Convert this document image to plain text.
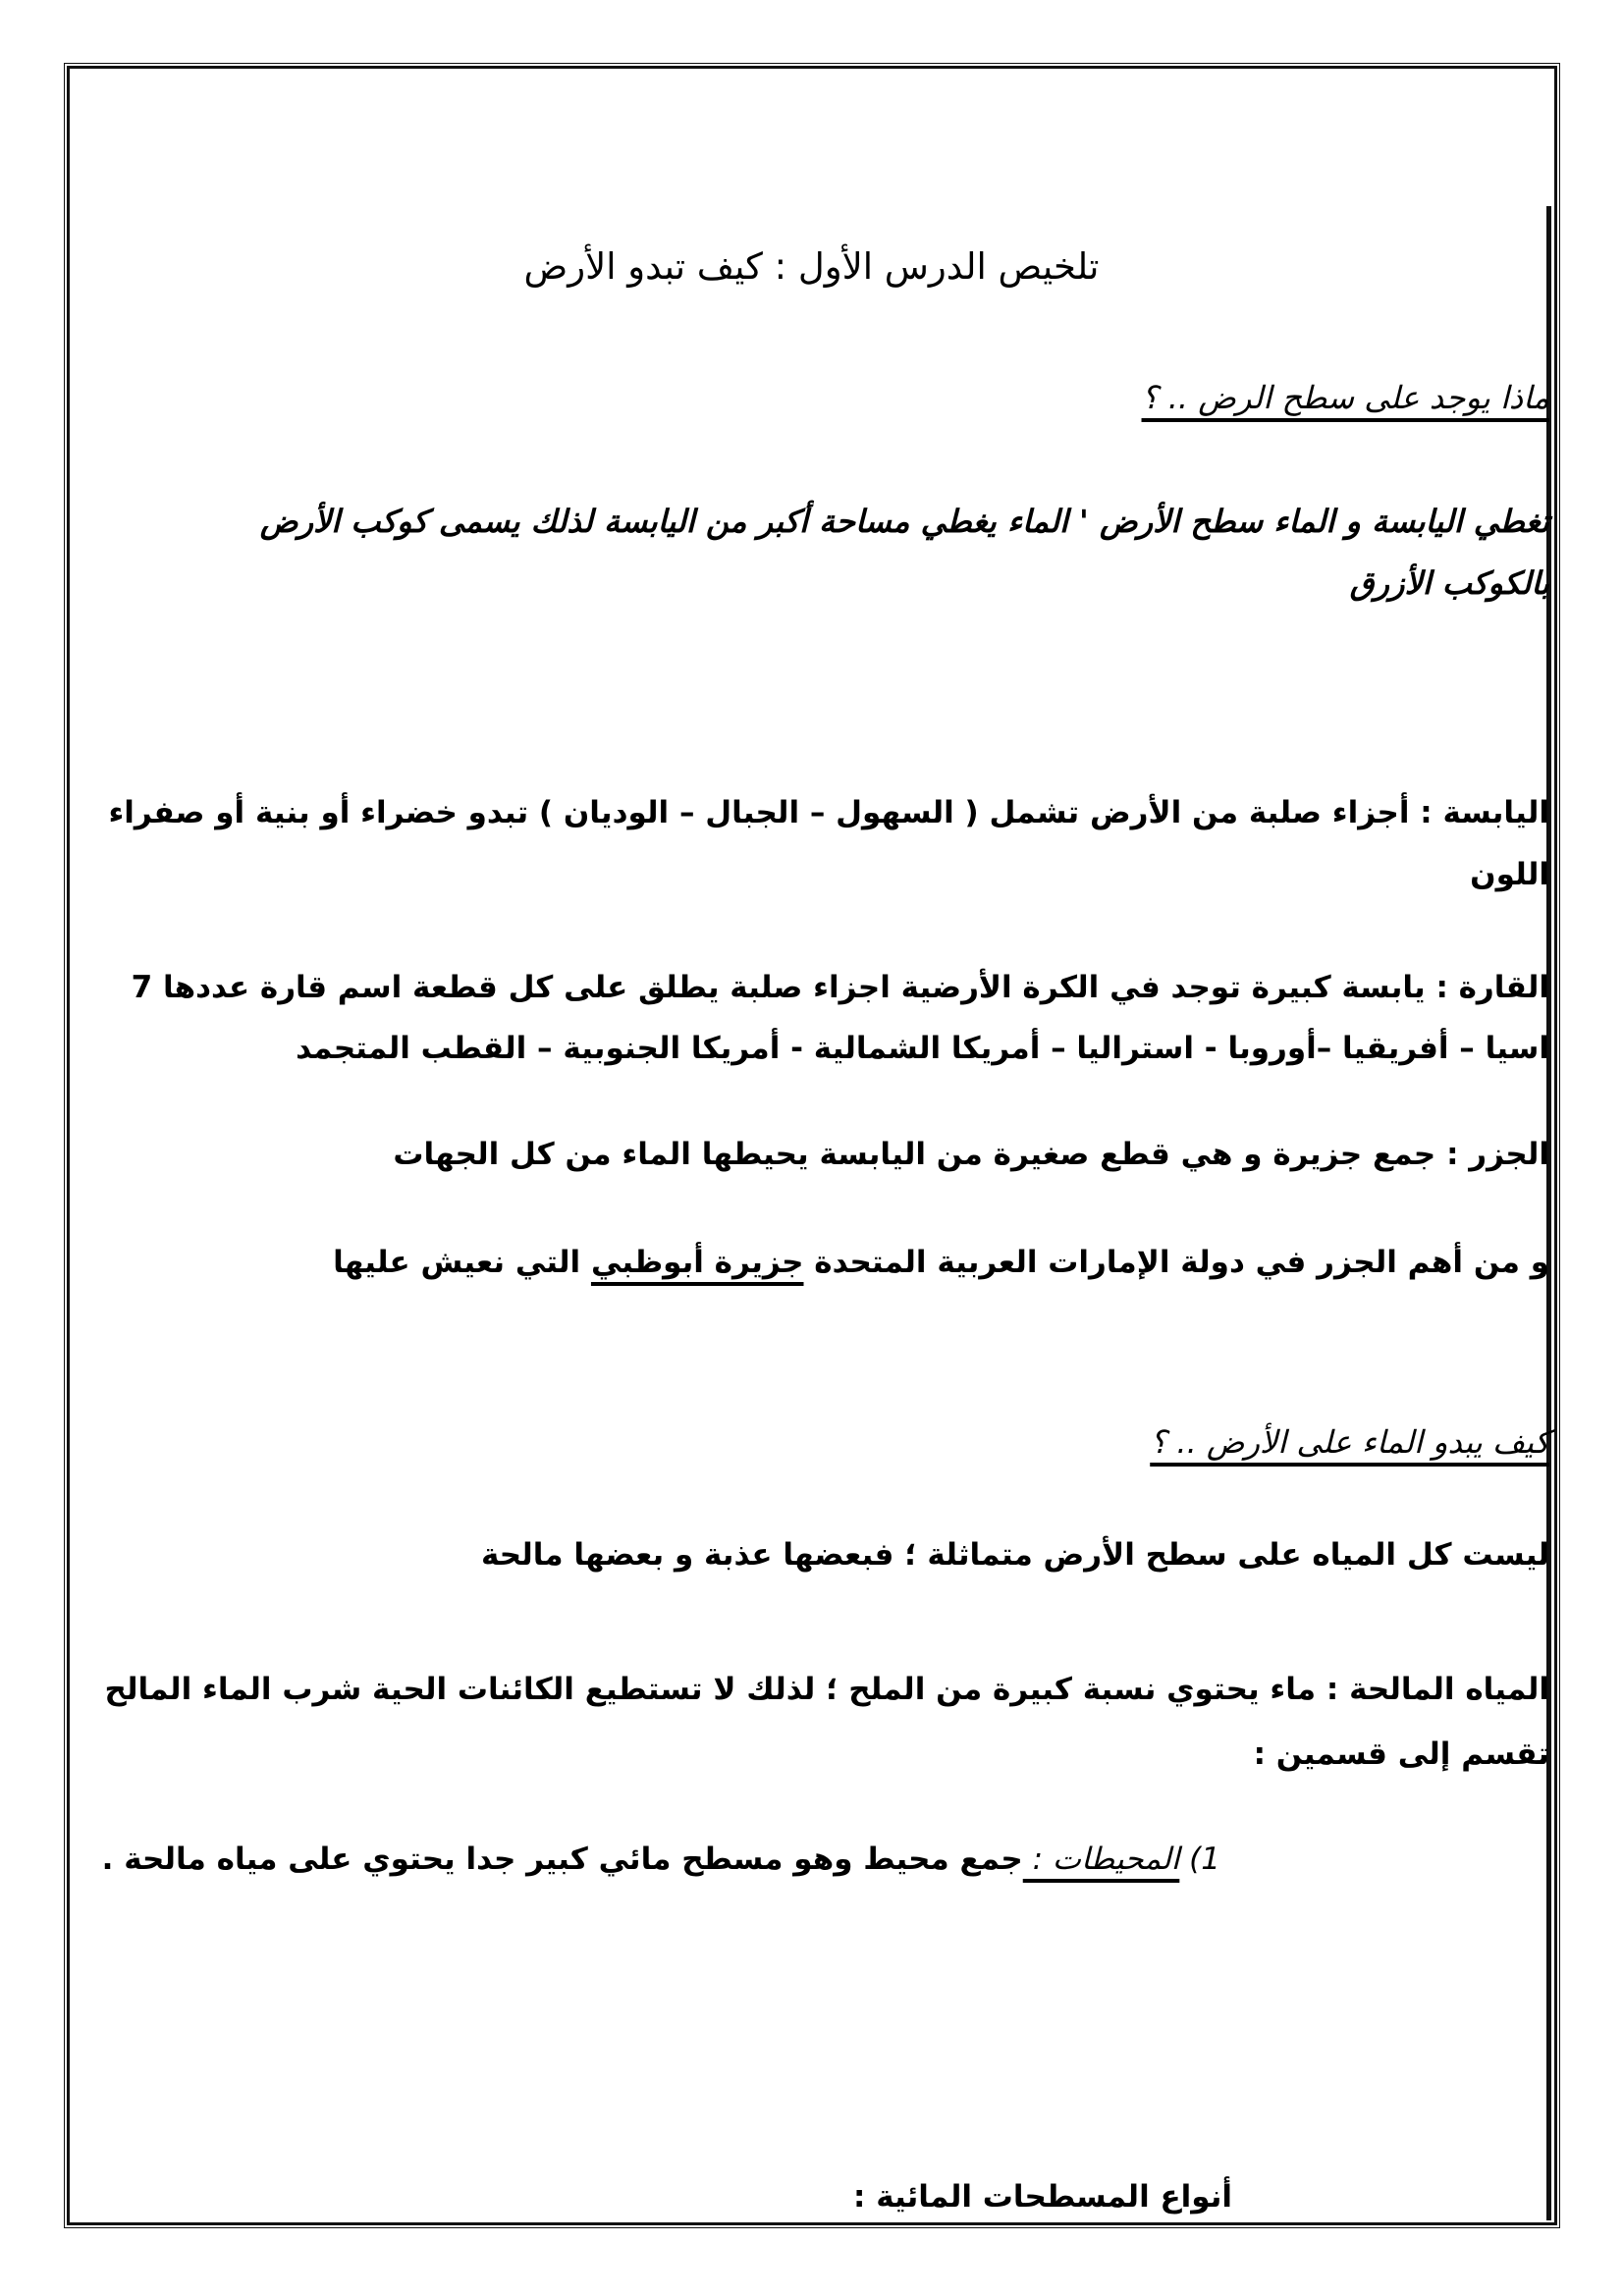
تلخيص الدرس الأول : كيف تبدو الأرض
ماذا يوجد على سطح الرض .. ؟
تغطي اليابسة و الماء سطح الأرض ' الماء يغطي مساحة أكبر من اليابسة لذلك يسمى كوكب الأرض
بالكوكب الأزرق
اليابسة : أجزاء صلبة من الأرض تشمل ( السهول – الجبال – الوديان ) تبدو خضراء أو بنية أو صفراء
اللون
القارة : يابسة كبيرة توجد في الكرة الأرضية اجزاء صلبة يطلق على كل قطعة اسم قارة عددها 7
اسيا – أفريقيا –أوروبا - استراليا – أمريكا الشمالية - أمريكا الجنوبية – القطب المتجمد
الجزر : جمع جزيرة و هي قطع صغيرة من اليابسة يحيطها الماء من كل الجهات
و من أهم الجزر في دولة الإمارات العربية المتحدة جزيرة أبوظبي التي نعيش عليها
كيف يبدو الماء على الأرض .. ؟
ليست كل المياه على سطح الأرض متماثلة ؛ فبعضها عذبة و بعضها مالحة
المياه المالحة : ماء يحتوي نسبة كبيرة من الملح ؛ لذلك لا تستطيع الكائنات الحية شرب الماء المالح
تقسم إلى قسمين :
1) المحيطات : جمع محيط وهو مسطح مائي كبير جدا يحتوي على مياه مالحة .
أنواع المسطحات المائية :
